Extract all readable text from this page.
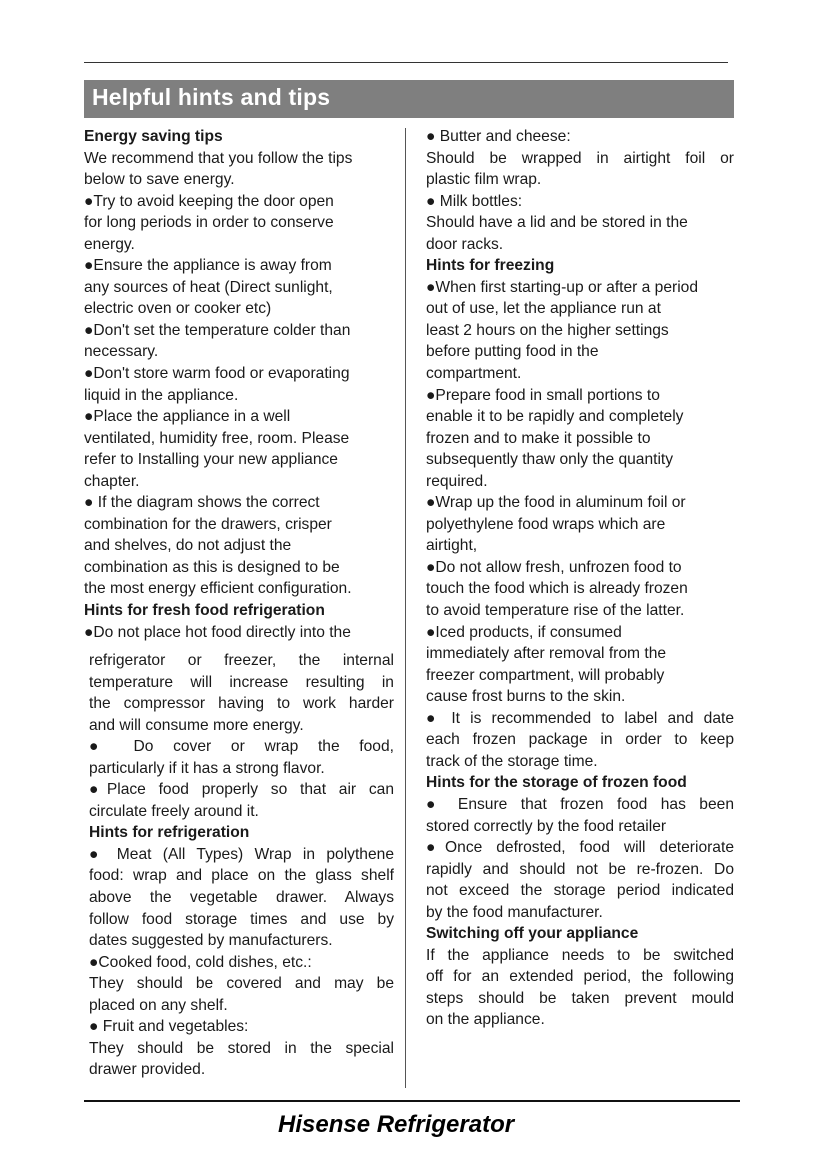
Helpful hints and tips

Energy saving tips

We recommend that you follow the tips

below to save energy.

●Try to avoid keeping the door open

for long periods in order to conserve

energy.

●Ensure the appliance is away from

any sources of heat (Direct sunlight,

electric oven or cooker etc)

●Don't set the temperature colder than

necessary.

●Don't store warm food or evaporating

liquid in the appliance.

●Place the appliance in a well

ventilated, humidity free, room. Please

refer to Installing your new appliance

chapter.

● If the diagram shows the correct

combination for the drawers, crisper

and shelves, do not adjust the

combination as this is designed to be

the most energy efficient configuration.

Hints for fresh food refrigeration

●Do not place hot food directly into the

refrigerator or freezer, the internal

temperature will increase resulting in

the compressor having to work harder

and will consume more energy.

● Do cover or wrap the food,

particularly if it has a strong flavor.

●Place food properly so that air can

circulate freely around it.

Hints for refrigeration

● Meat (All Types) Wrap in polythene

food: wrap and place on the glass shelf

above the vegetable drawer. Always

follow food storage times and use by

dates suggested by manufacturers.

●Cooked food, cold dishes, etc.:

They should be covered and may be

placed on any shelf.

● Fruit and vegetables:

They should be stored in the special

drawer provided.

● Butter and cheese:

Should be wrapped in airtight foil or

plastic film wrap.

● Milk bottles:

Should have a lid and be stored in the

door racks.

Hints for freezing

●When first starting-up or after a period

out of use, let the appliance run at

least 2 hours on the higher settings

before putting food in the

compartment.

●Prepare food in small portions to

enable it to be rapidly and completely

frozen and to make it possible to

subsequently thaw only the quantity

required.

●Wrap up the food in aluminum foil or

polyethylene food wraps which are

airtight,

●Do not allow fresh, unfrozen food to

touch the food which is already frozen

to avoid temperature rise of the latter.

●Iced products, if consumed

immediately after removal from the

freezer compartment, will probably

cause frost burns to the skin.

● It is recommended to label and date

each frozen package in order to keep

track of the storage time.

Hints for the storage of frozen food

● Ensure that frozen food has been

stored correctly by the food retailer

●Once defrosted, food will deteriorate

rapidly and should not be re-frozen. Do

not exceed the storage period indicated

by the food manufacturer.

Switching off your appliance

If the appliance needs to be switched

off for an extended period, the following

steps should be taken prevent mould

on the appliance.

Hisense Refrigerator
